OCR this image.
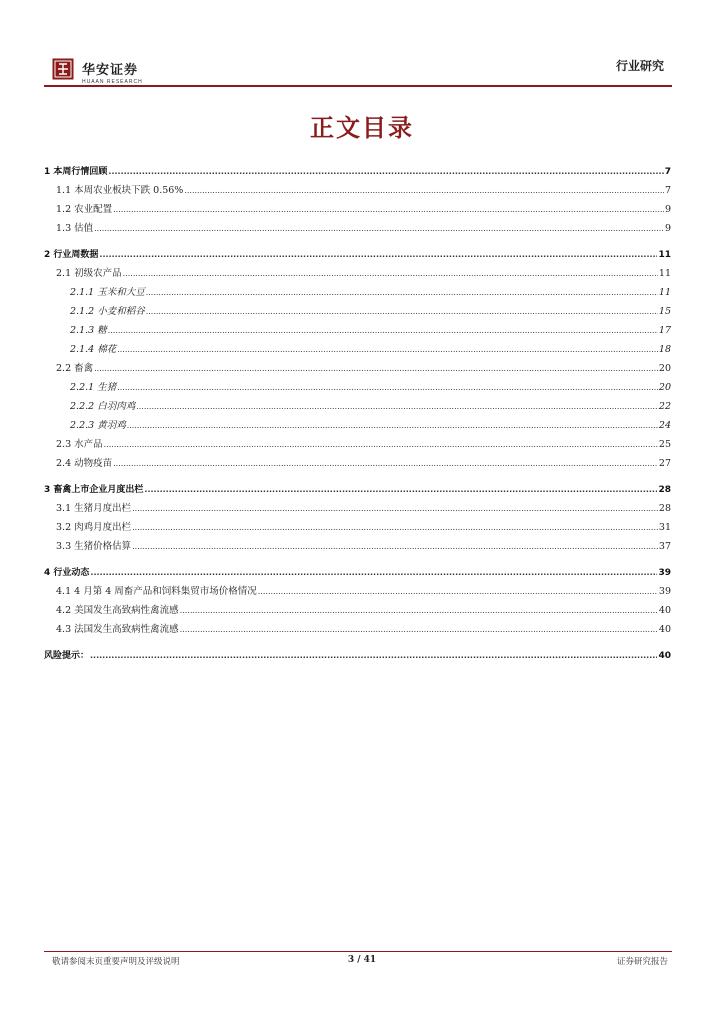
华安证券
HUAAN RESEARCH
行业研究
正文目录
1 本周行情回顾 .....	7
1.1 本周农业板块下跌 0.56% .....	7
1.2 农业配置 .....	9
1.3 估值 .....	9
2 行业周数据 .....	11
2.1 初级农产品 .....	11
2.1.1 玉米和大豆 .....	11
2.1.2 小麦和稻谷 .....	15
2.1.3 糖 .....	17
2.1.4 棉花 .....	18
2.2 畜禽 .....	20
2.2.1 生猪 .....	20
2.2.2 白羽肉鸡 .....	22
2.2.3 黄羽鸡 .....	24
2.3 水产品 .....	25
2.4 动物疫苗 .....	27
3 畜禽上市企业月度出栏 .....	28
3.1 生猪月度出栏 .....	28
3.2 肉鸡月度出栏 .....	31
3.3 生猪价格估算 .....	37
4 行业动态 .....	39
4.1 4 月第 4 周畜产品和饲料集贸市场价格情况 .....	39
4.2 美国发生高致病性禽流感 .....	40
4.3 法国发生高致病性禽流感 .....	40
风险提示： .....	40
敬请参阅末页重要声明及评级说明	3 / 41	证券研究报告
